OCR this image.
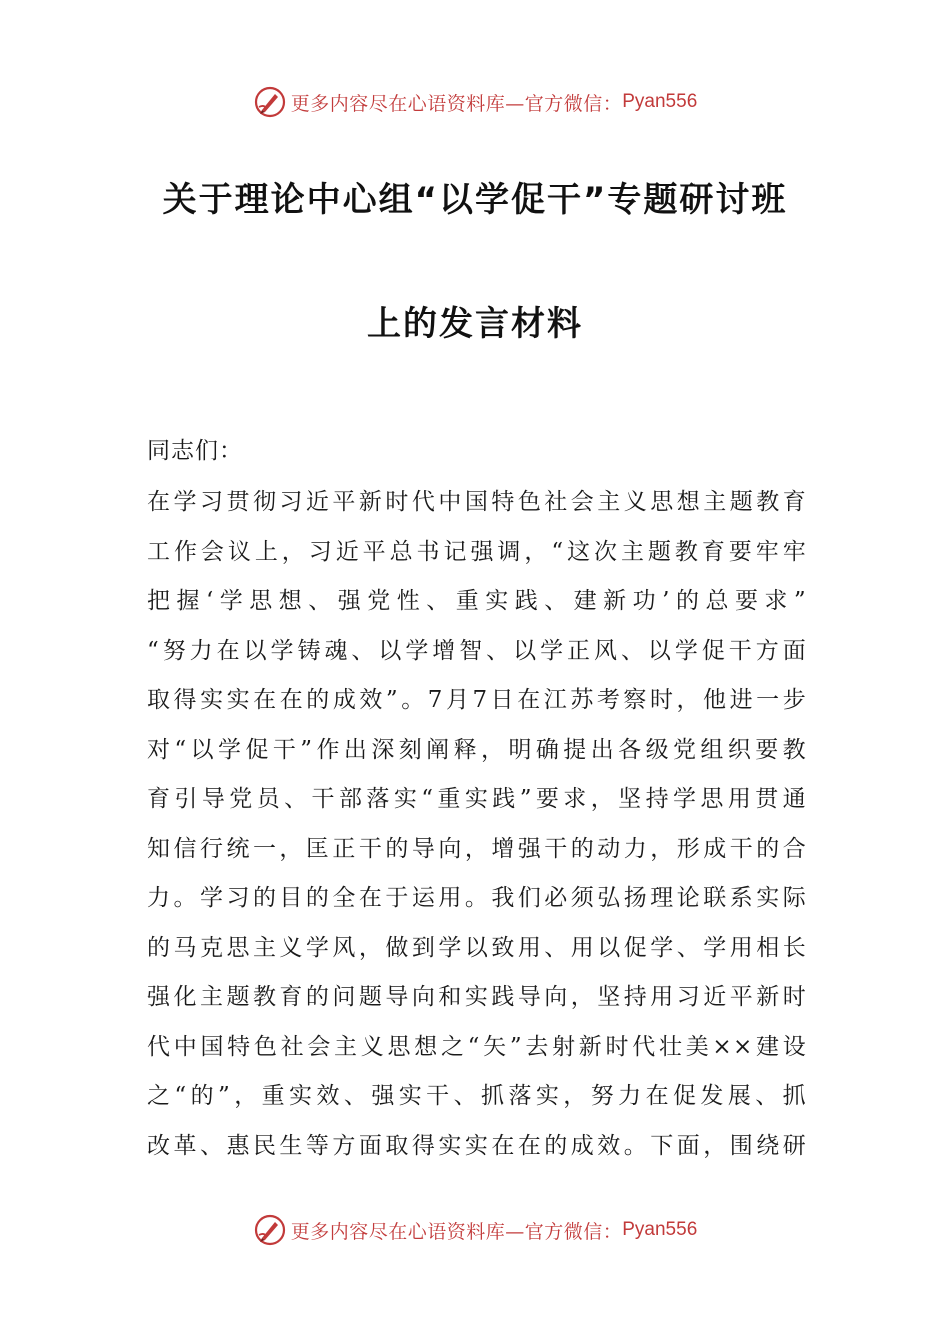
更多内容尽在心语资料库—官方微信： Pyan556
关于理论中心组“以学促干”专题研讨班
上的发言材料
同志们：
在学习贯彻习近平新时代中国特色社会主义思想主题教育
工作会议上，习近平总书记强调，“这次主题教育要牢牢
把握‘学思想、强党性、重实践、建新功’的总要求”
“努力在以学铸魂、以学增智、以学正风、以学促干方面
取得实实在在的成效”。7月7日在江苏考察时，他进一步
对“以学促干”作出深刻阐释，明确提出各级党组织要教
育引导党员、干部落实“重实践”要求，坚持学思用贯通
知信行统一，匡正干的导向，增强干的动力，形成干的合
力。学习的目的全在于运用。我们必须弘扬理论联系实际
的马克思主义学风，做到学以致用、用以促学、学用相长
强化主题教育的问题导向和实践导向，坚持用习近平新时
代中国特色社会主义思想之“矢”去射新时代壮美××建设
之“的”，重实效、强实干、抓落实，努力在促发展、抓
改革、惠民生等方面取得实实在在的成效。下面，围绕研
更多内容尽在心语资料库—官方微信： Pyan556
